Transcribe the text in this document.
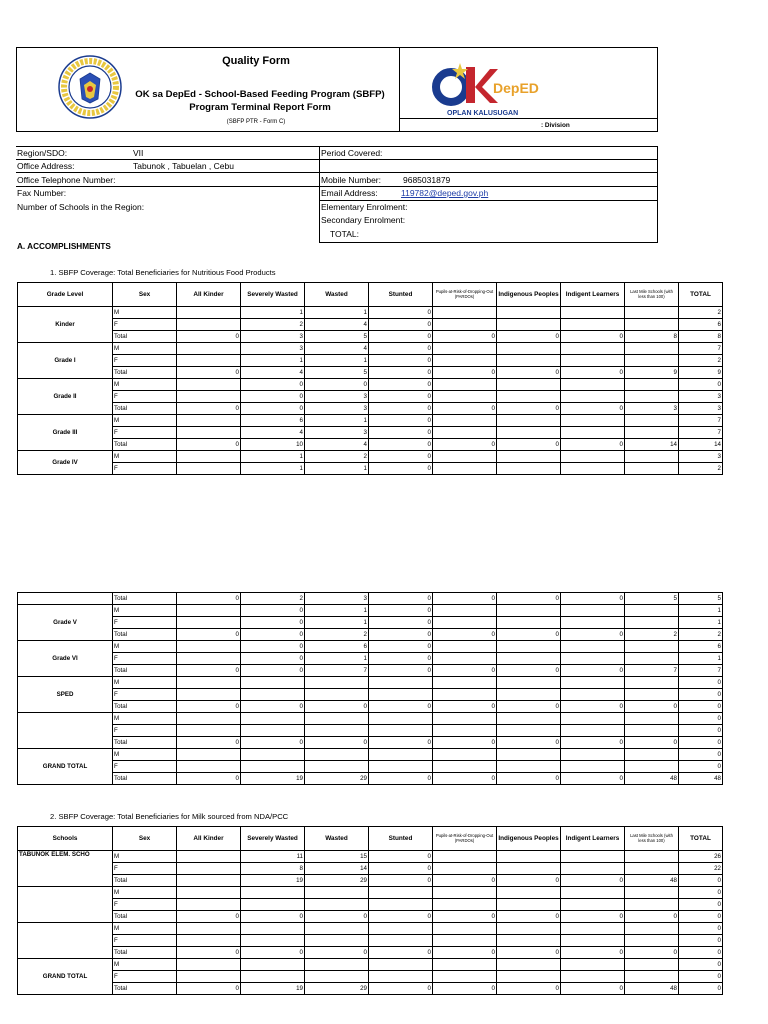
Quality Form
OK sa DepEd - School-Based Feeding Program (SBFP)
Program Terminal Report Form
(SBFP PTR - Form C)
DepED
OPLAN KALUSUGAN
: Division
Region/SDO:	VII
Office Address:	Tabunok , Tabuelan , Cebu
Office Telephone Number:
Fax Number:
Number of Schools in the Region:
Period Covered:
Mobile Number:	9685031879
Email Address:	119782@deped.gov.ph
Elementary Enrolment:
Secondary Enrolment:
TOTAL:
A. ACCOMPLISHMENTS
1. SBFP Coverage: Total Beneficiaries for Nutritious Food Products
Grade Level	Sex	All Kinder	Severely Wasted	Wasted	Stunted	Pupils-at-Risk-of-Dropping-Out (PARDOs)	Indigenous Peoples	Indigent Learners	Last Mile Schools (with less than 100)	TOTAL
Kinder	M		1	1	0					2
	F		2	4	0					6
	Total	0	3	5	0	0	0	0	8	8
Grade I	M		3	4	0					7
	F		1	1	0					2
	Total	0	4	5	0	0	0	0	9	9
Grade II	M		0	0	0					0
	F		0	3	0					3
	Total	0	0	3	0	0	0	0	3	3
Grade III	M		6	1	0					7
	F		4	3	0					7
	Total	0	10	4	0	0	0	0	14	14
Grade IV	M		1	2	0					3
	F		1	1	0					2
	Total	0	2	3	0	0	0	0	5	5
Grade V	M		0	1	0					1
	F		0	1	0					1
	Total	0	0	2	0	0	0	0	2	2
Grade VI	M		0	6	0					6
	F		0	1	0					1
	Total	0	0	7	0	0	0	0	7	7
SPED	M									0
	F									0
	Total	0	0	0	0	0	0	0	0	0
	M									0
	F									0
	Total	0	0	0	0	0	0	0	0	0
GRAND TOTAL	M									0
	F									0
	Total	0	19	29	0	0	0	0	48	48
2. SBFP Coverage: Total Beneficiaries for Milk sourced from NDA/PCC
Schools	Sex	All Kinder	Severely Wasted	Wasted	Stunted	Pupils-at-Risk-of-Dropping-Out (PARDOs)	Indigenous Peoples	Indigent Learners	Last Mile Schools (with less than 100)	TOTAL
TABUNOK ELEM. SCHO	M		11	15	0					26
	F		8	14	0					22
	Total		19	29	0	0	0	0	48	0
	M									0
	F									0
	Total	0	0	0	0	0	0	0	0	0
	M									0
	F									0
	Total	0	0	0	0	0	0	0	0	0
GRAND TOTAL	M									0
	F									0
	Total	0	19	29	0	0	0	0	48	0
